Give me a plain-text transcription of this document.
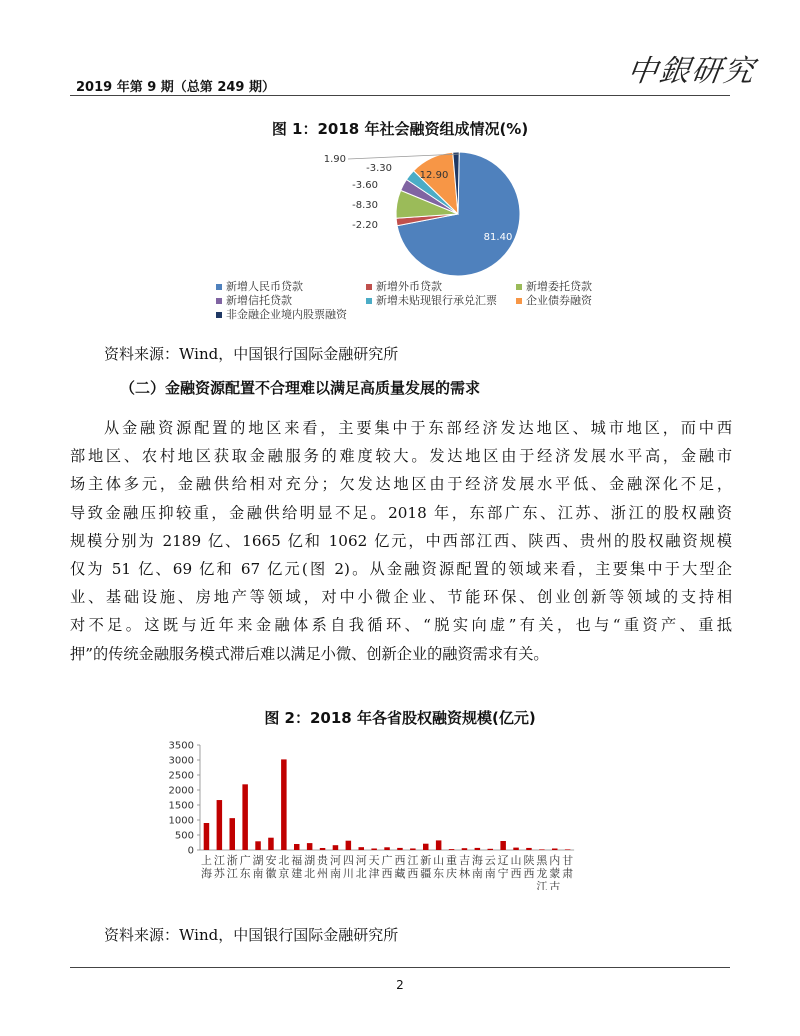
2019 年第 9 期（总第 249 期）	中銀研究
图 1：2018 年社会融资组成情况(%)
81.40
-2.20
-8.30
-3.60
-3.30
12.90
1.90
新增人民币贷款	新增外币贷款	新增委托贷款
新增信托贷款	新增未贴现银行承兑汇票	企业债券融资
非金融企业境内股票融资
资料来源：Wind，中国银行国际金融研究所
（二）金融资源配置不合理难以满足高质量发展的需求
从金融资源配置的地区来看，主要集中于东部经济发达地区、城市地区，而中西
部地区、农村地区获取金融服务的难度较大。发达地区由于经济发展水平高，金融市
场主体多元，金融供给相对充分；欠发达地区由于经济发展水平低、金融深化不足，
导致金融压抑较重，金融供给明显不足。2018 年，东部广东、江苏、浙江的股权融资
规模分别为 2189 亿、1665 亿和 1062 亿元，中西部江西、陕西、贵州的股权融资规模
仅为 51 亿、69 亿和 67 亿元(图 2)。从金融资源配置的领域来看，主要集中于大型企
业、基础设施、房地产等领域，对中小微企业、节能环保、创业创新等领域的支持相
对不足。这既与近年来金融体系自我循环、“脱实向虚”有关，也与“重资产、重抵
押”的传统金融服务模式滞后难以满足小微、创新企业的融资需求有关。
图 2：2018 年各省股权融资规模(亿元)
0
500
1000
1500
2000
2500
3000
3500
上
海
江
苏
浙
江
广
东
湖
南
安
徽
北
京
福
建
湖
北
贵
州
河
南
四
川
河
北
天
津
广
西
西
藏
江
西
新
疆
山
东
重
庆
吉
林
海
南
云
南
辽
宁
山
西
陕
西
黑
龙
江
内
蒙
古
甘
肃
资料来源：Wind，中国银行国际金融研究所
2
